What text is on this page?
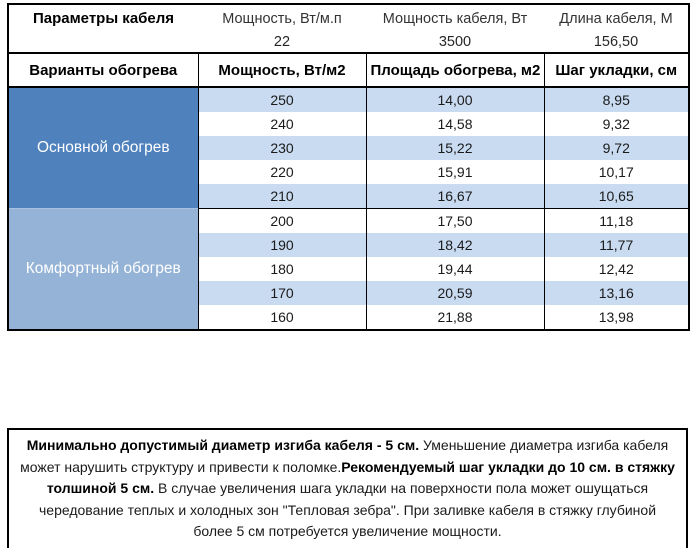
Параметры кабеля	Мощность, Вт/м.п	Мощность кабеля, Вт	Длина кабеля, М
	22	3500	156,50
Варианты обогрева	Мощность, Вт/м2	Площадь обогрева, м2	Шаг укладки, см
Основной обогрев	250	14,00	8,95
	240	14,58	9,32
	230	15,22	9,72
	220	15,91	10,17
	210	16,67	10,65
Комфортный обогрев	200	17,50	11,18
	190	18,42	11,77
	180	19,44	12,42
	170	20,59	13,16
	160	21,88	13,98
Минимально допустимый диаметр изгиба кабеля - 5 см. Уменьшение диаметра изгиба кабеля может нарушить структуру и привести к поломке.Рекомендуемый шаг укладки до 10 см. в стяжку толшиной 5 см. В случае увеличения шага укладки на поверхности пола может ошущаться чередование теплых и холодных зон "Тепловая зебра". При заливке кабеля в стяжку глубиной более 5 см потребуется увеличение мощности.
